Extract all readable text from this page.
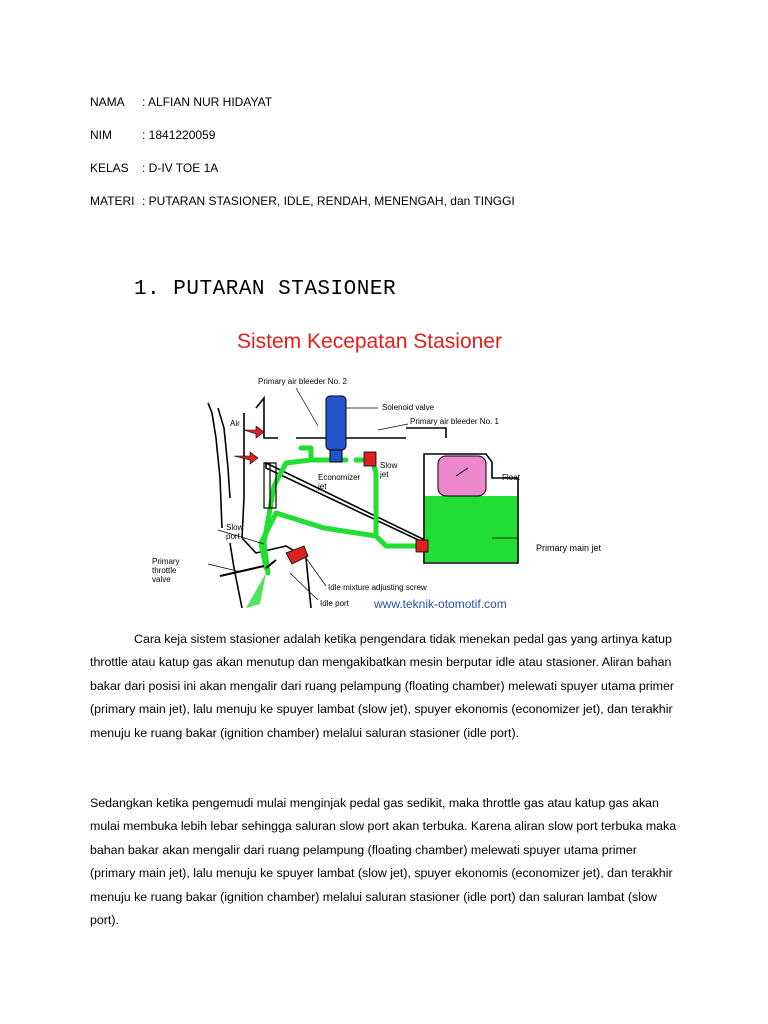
NAMA : ALFIAN NUR HIDAYAT
NIM	: 1841220059
KELAS : D-IV TOE 1A
MATERI : PUTARAN STASIONER, IDLE, RENDAH, MENENGAH, dan TINGGI
1. PUTARAN STASIONER
Sistem Kecepatan Stasioner
Primary air bleeder No. 2
Solenoid valve
Primary air bleeder No. 1
Air
Slow
jet
Economizer
jet
Float
Slow
port
Primary main jet
Primary
throttle
valve
Idle mixture adjusting screw
Idle port www.teknik-otomotif.com

Cara keja sistem stasioner adalah ketika pengendara tidak menekan pedal gas yang artinya katup throttle atau katup gas akan menutup dan mengakibatkan mesin berputar idle atau stasioner. Aliran bahan bakar dari posisi ini akan mengalir dari ruang pelampung (floating chamber) melewati spuyer utama primer (primary main jet), lalu menuju ke spuyer lambat (slow jet), spuyer ekonomis (economizer jet), dan terakhir menuju ke ruang bakar (ignition chamber) melalui saluran stasioner (idle port).

Sedangkan ketika pengemudi mulai menginjak pedal gas sedikit, maka throttle gas atau katup gas akan mulai membuka lebih lebar sehingga saluran slow port akan terbuka. Karena aliran slow port terbuka maka bahan bakar akan mengalir dari ruang pelampung (floating chamber) melewati spuyer utama primer (primary main jet), lalu menuju ke spuyer lambat (slow jet), spuyer ekonomis (economizer jet), dan terakhir menuju ke ruang bakar (ignition chamber) melalui saluran stasioner (idle port) dan saluran lambat (slow port).
